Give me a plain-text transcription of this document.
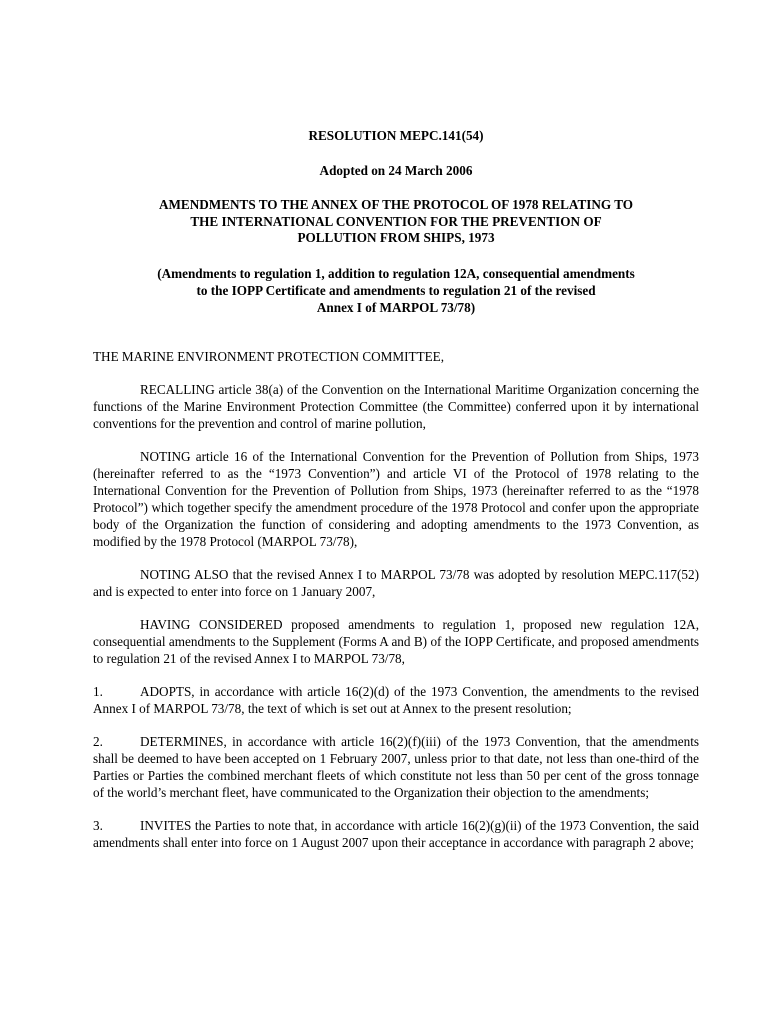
RESOLUTION MEPC.141(54)

Adopted on 24 March 2006

AMENDMENTS TO THE ANNEX OF THE PROTOCOL OF 1978 RELATING TO
THE INTERNATIONAL CONVENTION FOR THE PREVENTION OF
POLLUTION FROM SHIPS, 1973
(Amendments to regulation 1, addition to regulation 12A, consequential amendments
to the IOPP Certificate and amendments to regulation 21 of the revised
Annex I of MARPOL 73/78)

THE MARINE ENVIRONMENT PROTECTION COMMITTEE,

RECALLING article 38(a) of the Convention on the International Maritime Organization concerning the functions of the Marine Environment Protection Committee (the Committee) conferred upon it by international conventions for the prevention and control of marine pollution,

NOTING article 16 of the International Convention for the Prevention of Pollution from Ships, 1973 (hereinafter referred to as the “1973 Convention”) and article VI of the Protocol of 1978 relating to the International Convention for the Prevention of Pollution from Ships, 1973 (hereinafter referred to as the “1978 Protocol”) which together specify the amendment procedure of the 1978 Protocol and confer upon the appropriate body of the Organization the function of considering and adopting amendments to the 1973 Convention, as modified by the 1978 Protocol (MARPOL 73/78),

NOTING ALSO that the revised Annex I to MARPOL 73/78 was adopted by resolution MEPC.117(52) and is expected to enter into force on 1 January 2007,

HAVING CONSIDERED proposed amendments to regulation 1, proposed new regulation 12A, consequential amendments to the Supplement (Forms A and B) of the IOPP Certificate, and proposed amendments to regulation 21 of the revised Annex I to MARPOL 73/78,

1.	ADOPTS, in accordance with article 16(2)(d) of the 1973 Convention, the amendments to the revised Annex I of MARPOL 73/78, the text of which is set out at Annex to the present resolution;

2.	DETERMINES, in accordance with article 16(2)(f)(iii) of the 1973 Convention, that the amendments shall be deemed to have been accepted on 1 February 2007, unless prior to that date, not less than one-third of the Parties or Parties the combined merchant fleets of which constitute not less than 50 per cent of the gross tonnage of the world’s merchant fleet, have communicated to the Organization their objection to the amendments;

3.	INVITES the Parties to note that, in accordance with article 16(2)(g)(ii) of the 1973 Convention, the said amendments shall enter into force on 1 August 2007 upon their acceptance in accordance with paragraph 2 above;
